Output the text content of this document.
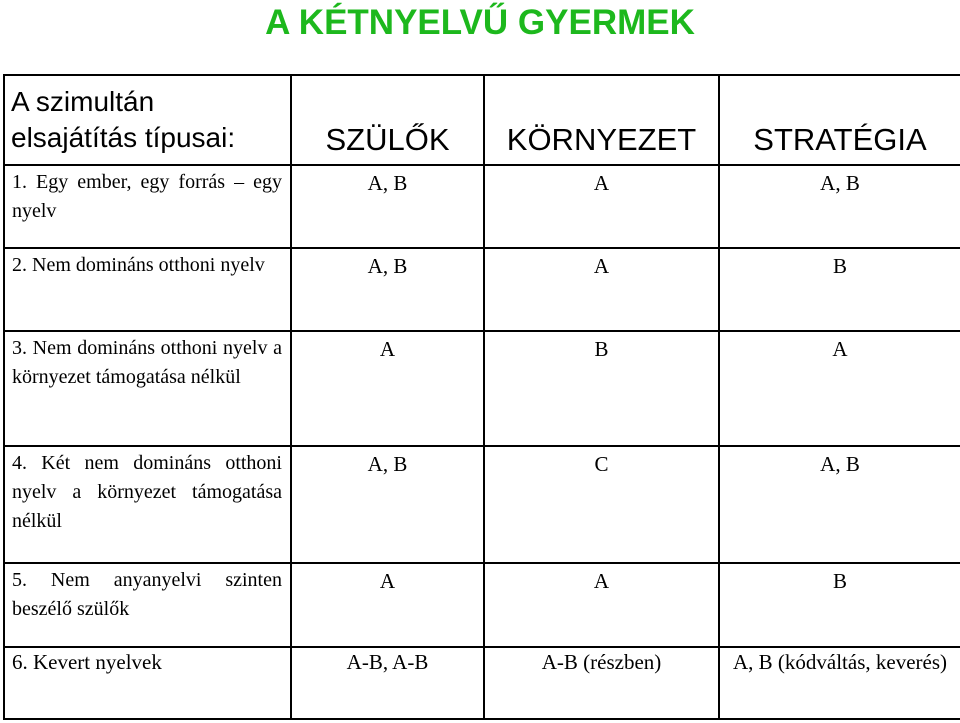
A KÉTNYELVŰ GYERMEK
A szimultán elsajátítás típusai:	SZÜLŐK	KÖRNYEZET	STRATÉGIA
1. Egy ember, egy forrás – egy nyelv	A, B	A	A, B
2. Nem domináns otthoni nyelv	A, B	A	B
3. Nem domináns otthoni nyelv a környezet támogatása nélkül	A	B	A
4. Két nem domináns otthoni nyelv a környezet támogatása nélkül	A, B	C	A, B
5. Nem anyanyelvi szinten beszélő szülők	A	A	B
6. Kevert nyelvek	A-B, A-B	A-B (részben)	A, B (kódváltás, keverés)
